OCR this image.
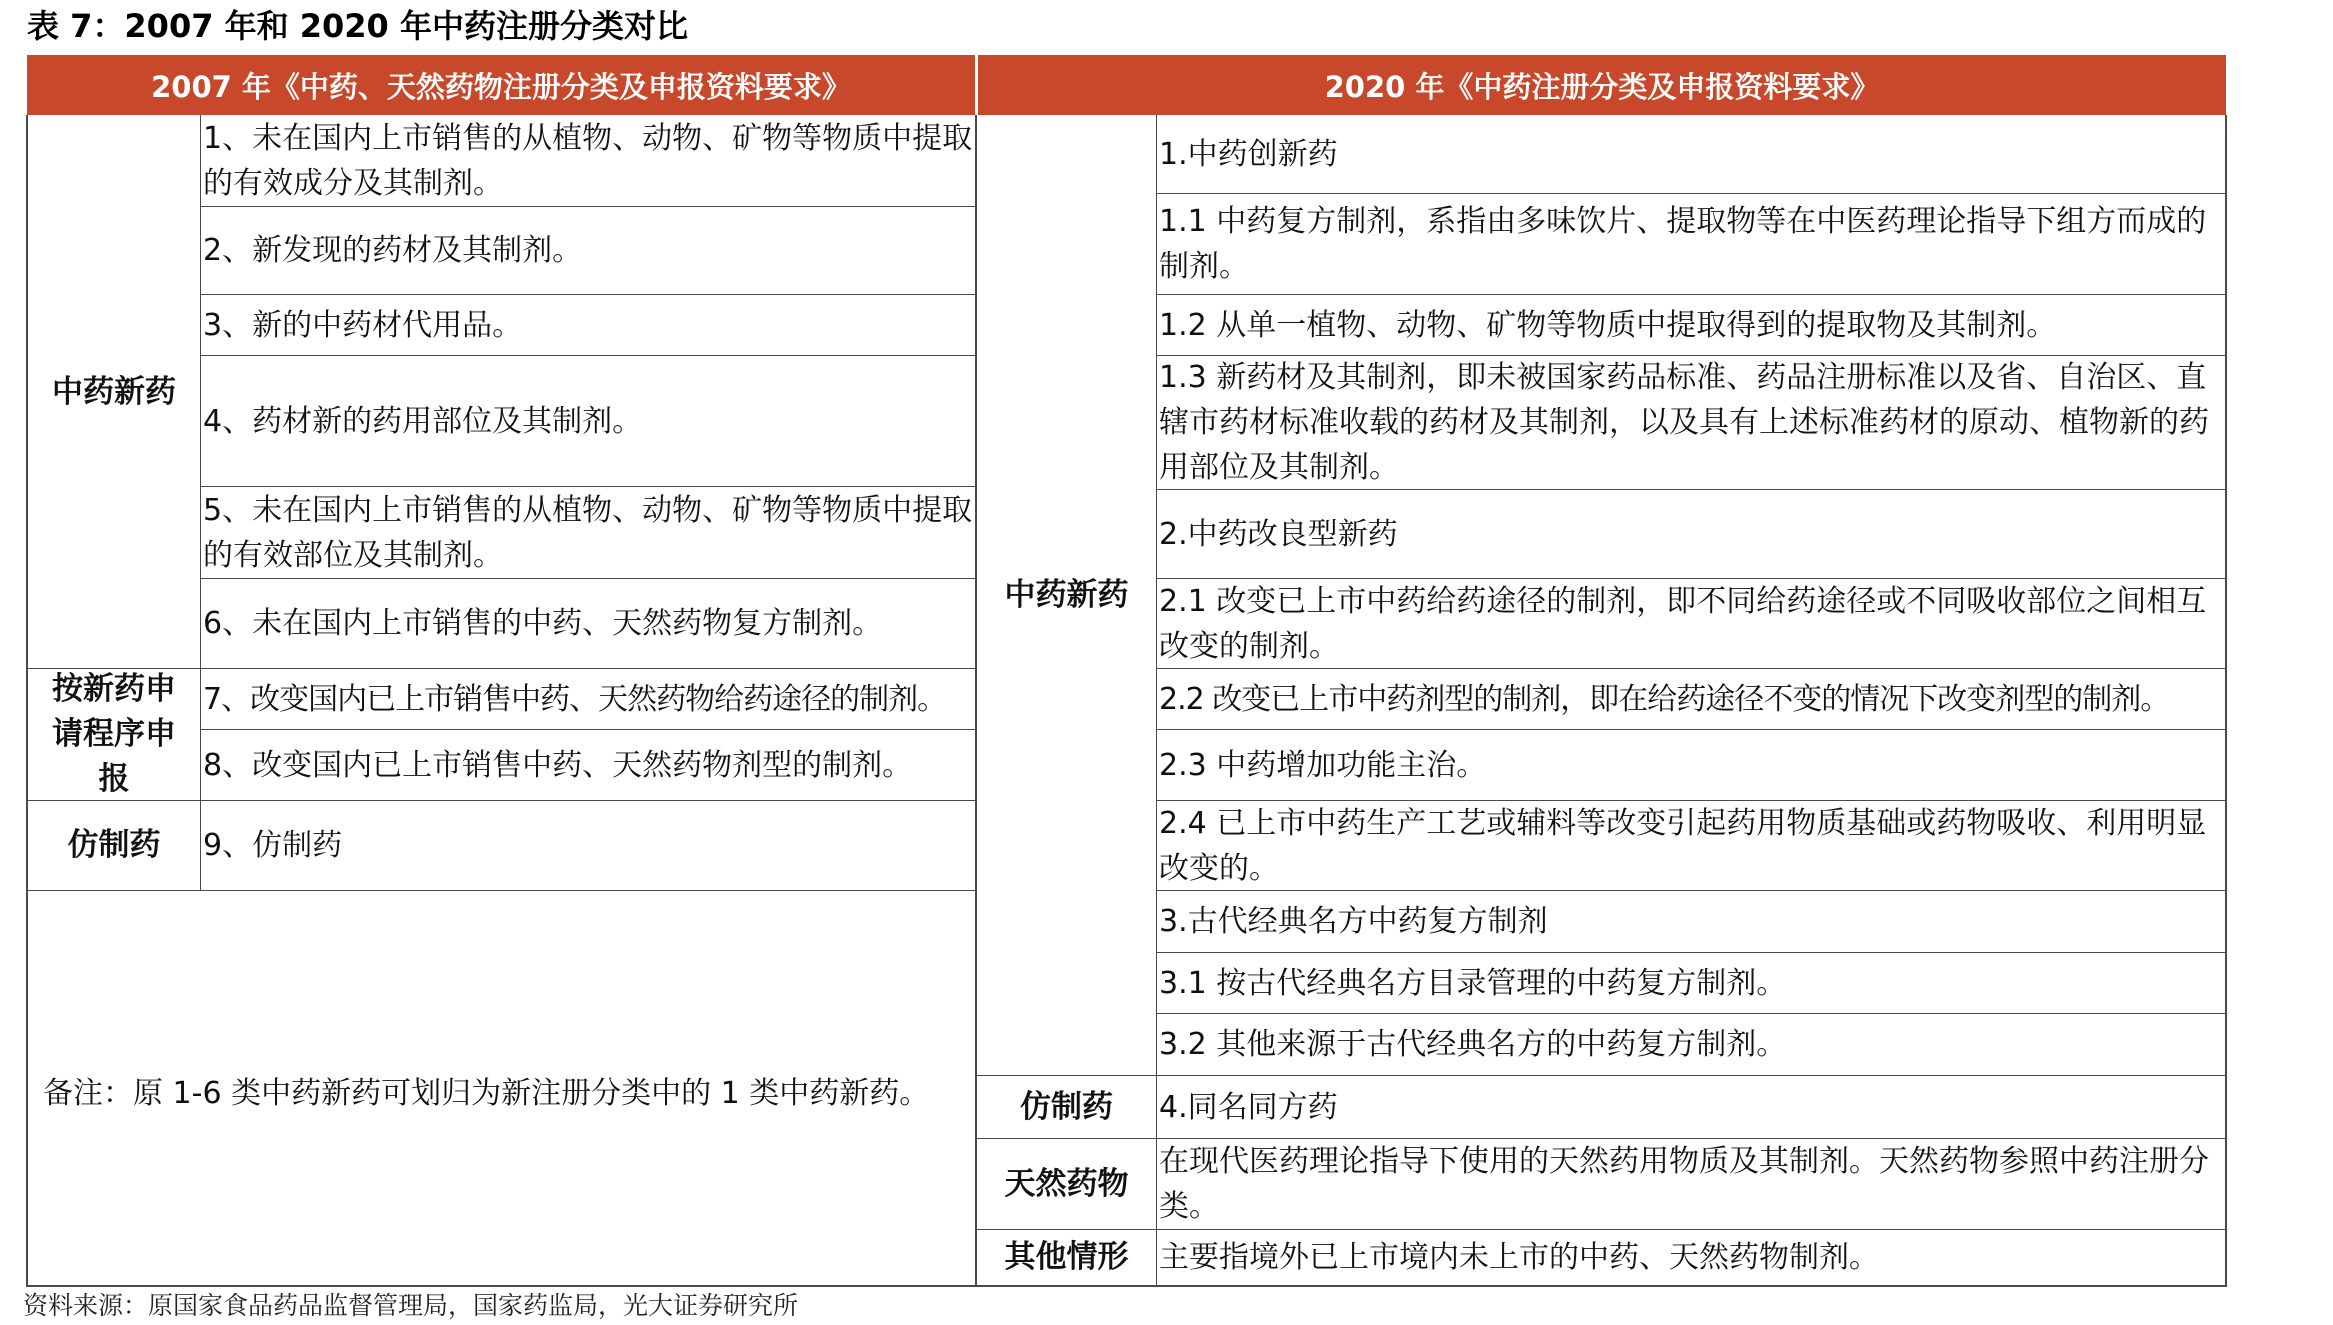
表 7：2007 年和 2020 年中药注册分类对比
2007 年《中药、天然药物注册分类及申报资料要求》	2020 年《中药注册分类及申报资料要求》
中药新药
按新药申请程序申报
仿制药
1、未在国内上市销售的从植物、动物、矿物等物质中提取的有效成分及其制剂。
2、新发现的药材及其制剂。
3、新的中药材代用品。
4、药材新的药用部位及其制剂。
5、未在国内上市销售的从植物、动物、矿物等物质中提取的有效部位及其制剂。
6、未在国内上市销售的中药、天然药物复方制剂。
7、改变国内已上市销售中药、天然药物给药途径的制剂。
8、改变国内已上市销售中药、天然药物剂型的制剂。
9、仿制药
备注：原 1-6 类中药新药可划归为新注册分类中的 1 类中药新药。
中药新药
仿制药
天然药物
其他情形
1.中药创新药
1.1 中药复方制剂，系指由多味饮片、提取物等在中医药理论指导下组方而成的制剂。
1.2 从单一植物、动物、矿物等物质中提取得到的提取物及其制剂。
1.3 新药材及其制剂，即未被国家药品标准、药品注册标准以及省、自治区、直辖市药材标准收载的药材及其制剂，以及具有上述标准药材的原动、植物新的药用部位及其制剂。
2.中药改良型新药
2.1 改变已上市中药给药途径的制剂，即不同给药途径或不同吸收部位之间相互改变的制剂。
2.2 改变已上市中药剂型的制剂，即在给药途径不变的情况下改变剂型的制剂。
2.3 中药增加功能主治。
2.4 已上市中药生产工艺或辅料等改变引起药用物质基础或药物吸收、利用明显改变的。
3.古代经典名方中药复方制剂
3.1 按古代经典名方目录管理的中药复方制剂。
3.2 其他来源于古代经典名方的中药复方制剂。
4.同名同方药
在现代医药理论指导下使用的天然药用物质及其制剂。天然药物参照中药注册分类。
主要指境外已上市境内未上市的中药、天然药物制剂。
资料来源：原国家食品药品监督管理局，国家药监局，光大证券研究所
